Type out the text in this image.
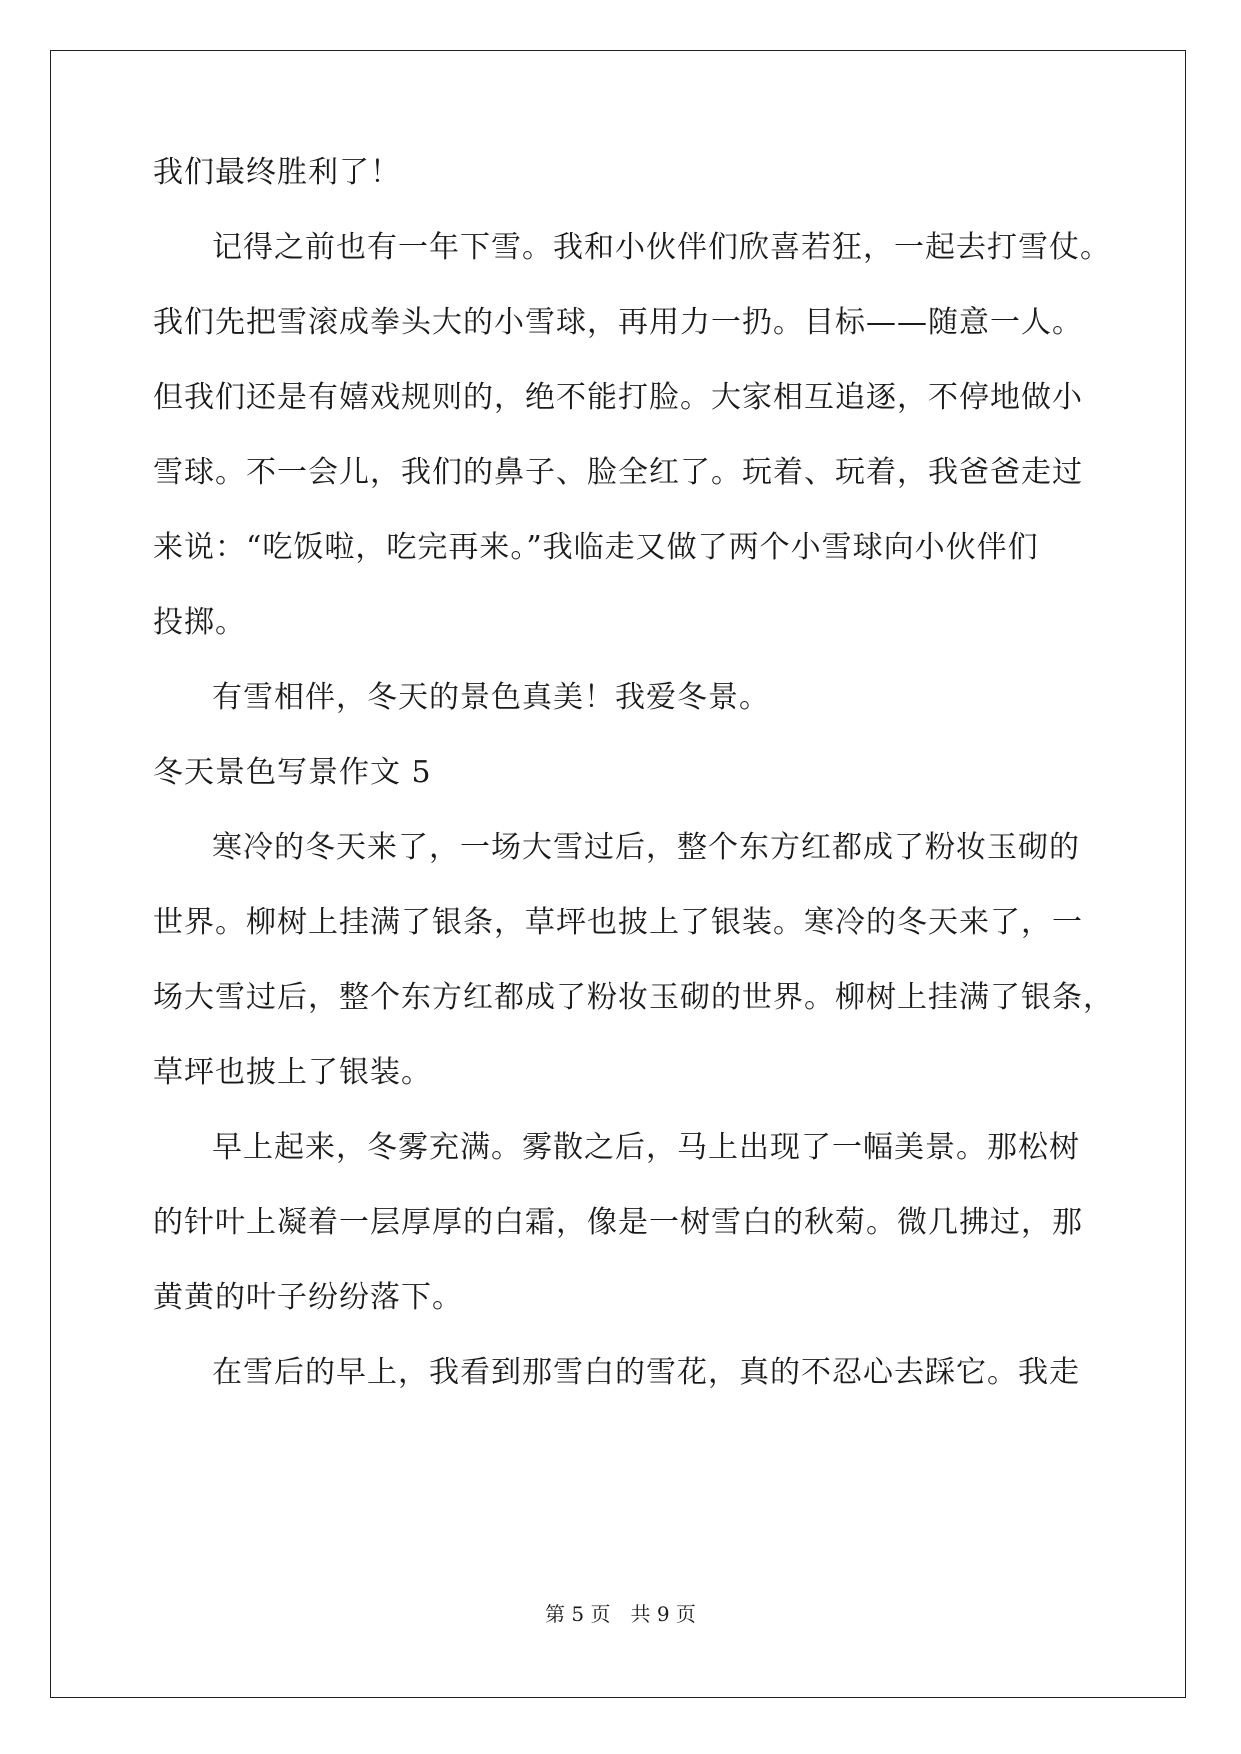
我们最终胜利了！
记得之前也有一年下雪。我和小伙伴们欣喜若狂，一起去打雪仗。
我们先把雪滚成拳头大的小雪球，再用力一扔。目标——随意一人。
但我们还是有嬉戏规则的，绝不能打脸。大家相互追逐，不停地做小
雪球。不一会儿，我们的鼻子、脸全红了。玩着、玩着，我爸爸走过
来说：“吃饭啦，吃完再来。”我临走又做了两个小雪球向小伙伴们
投掷。
有雪相伴，冬天的景色真美！我爱冬景。
冬天景色写景作文 5
寒冷的冬天来了，一场大雪过后，整个东方红都成了粉妆玉砌的
世界。柳树上挂满了银条，草坪也披上了银装。寒冷的冬天来了，一
场大雪过后，整个东方红都成了粉妆玉砌的世界。柳树上挂满了银条，
草坪也披上了银装。
早上起来，冬雾充满。雾散之后，马上出现了一幅美景。那松树
的针叶上凝着一层厚厚的白霜，像是一树雪白的秋菊。微几拂过，那
黄黄的叶子纷纷落下。
在雪后的早上，我看到那雪白的雪花，真的不忍心去踩它。我走
第 5 页　共 9 页
